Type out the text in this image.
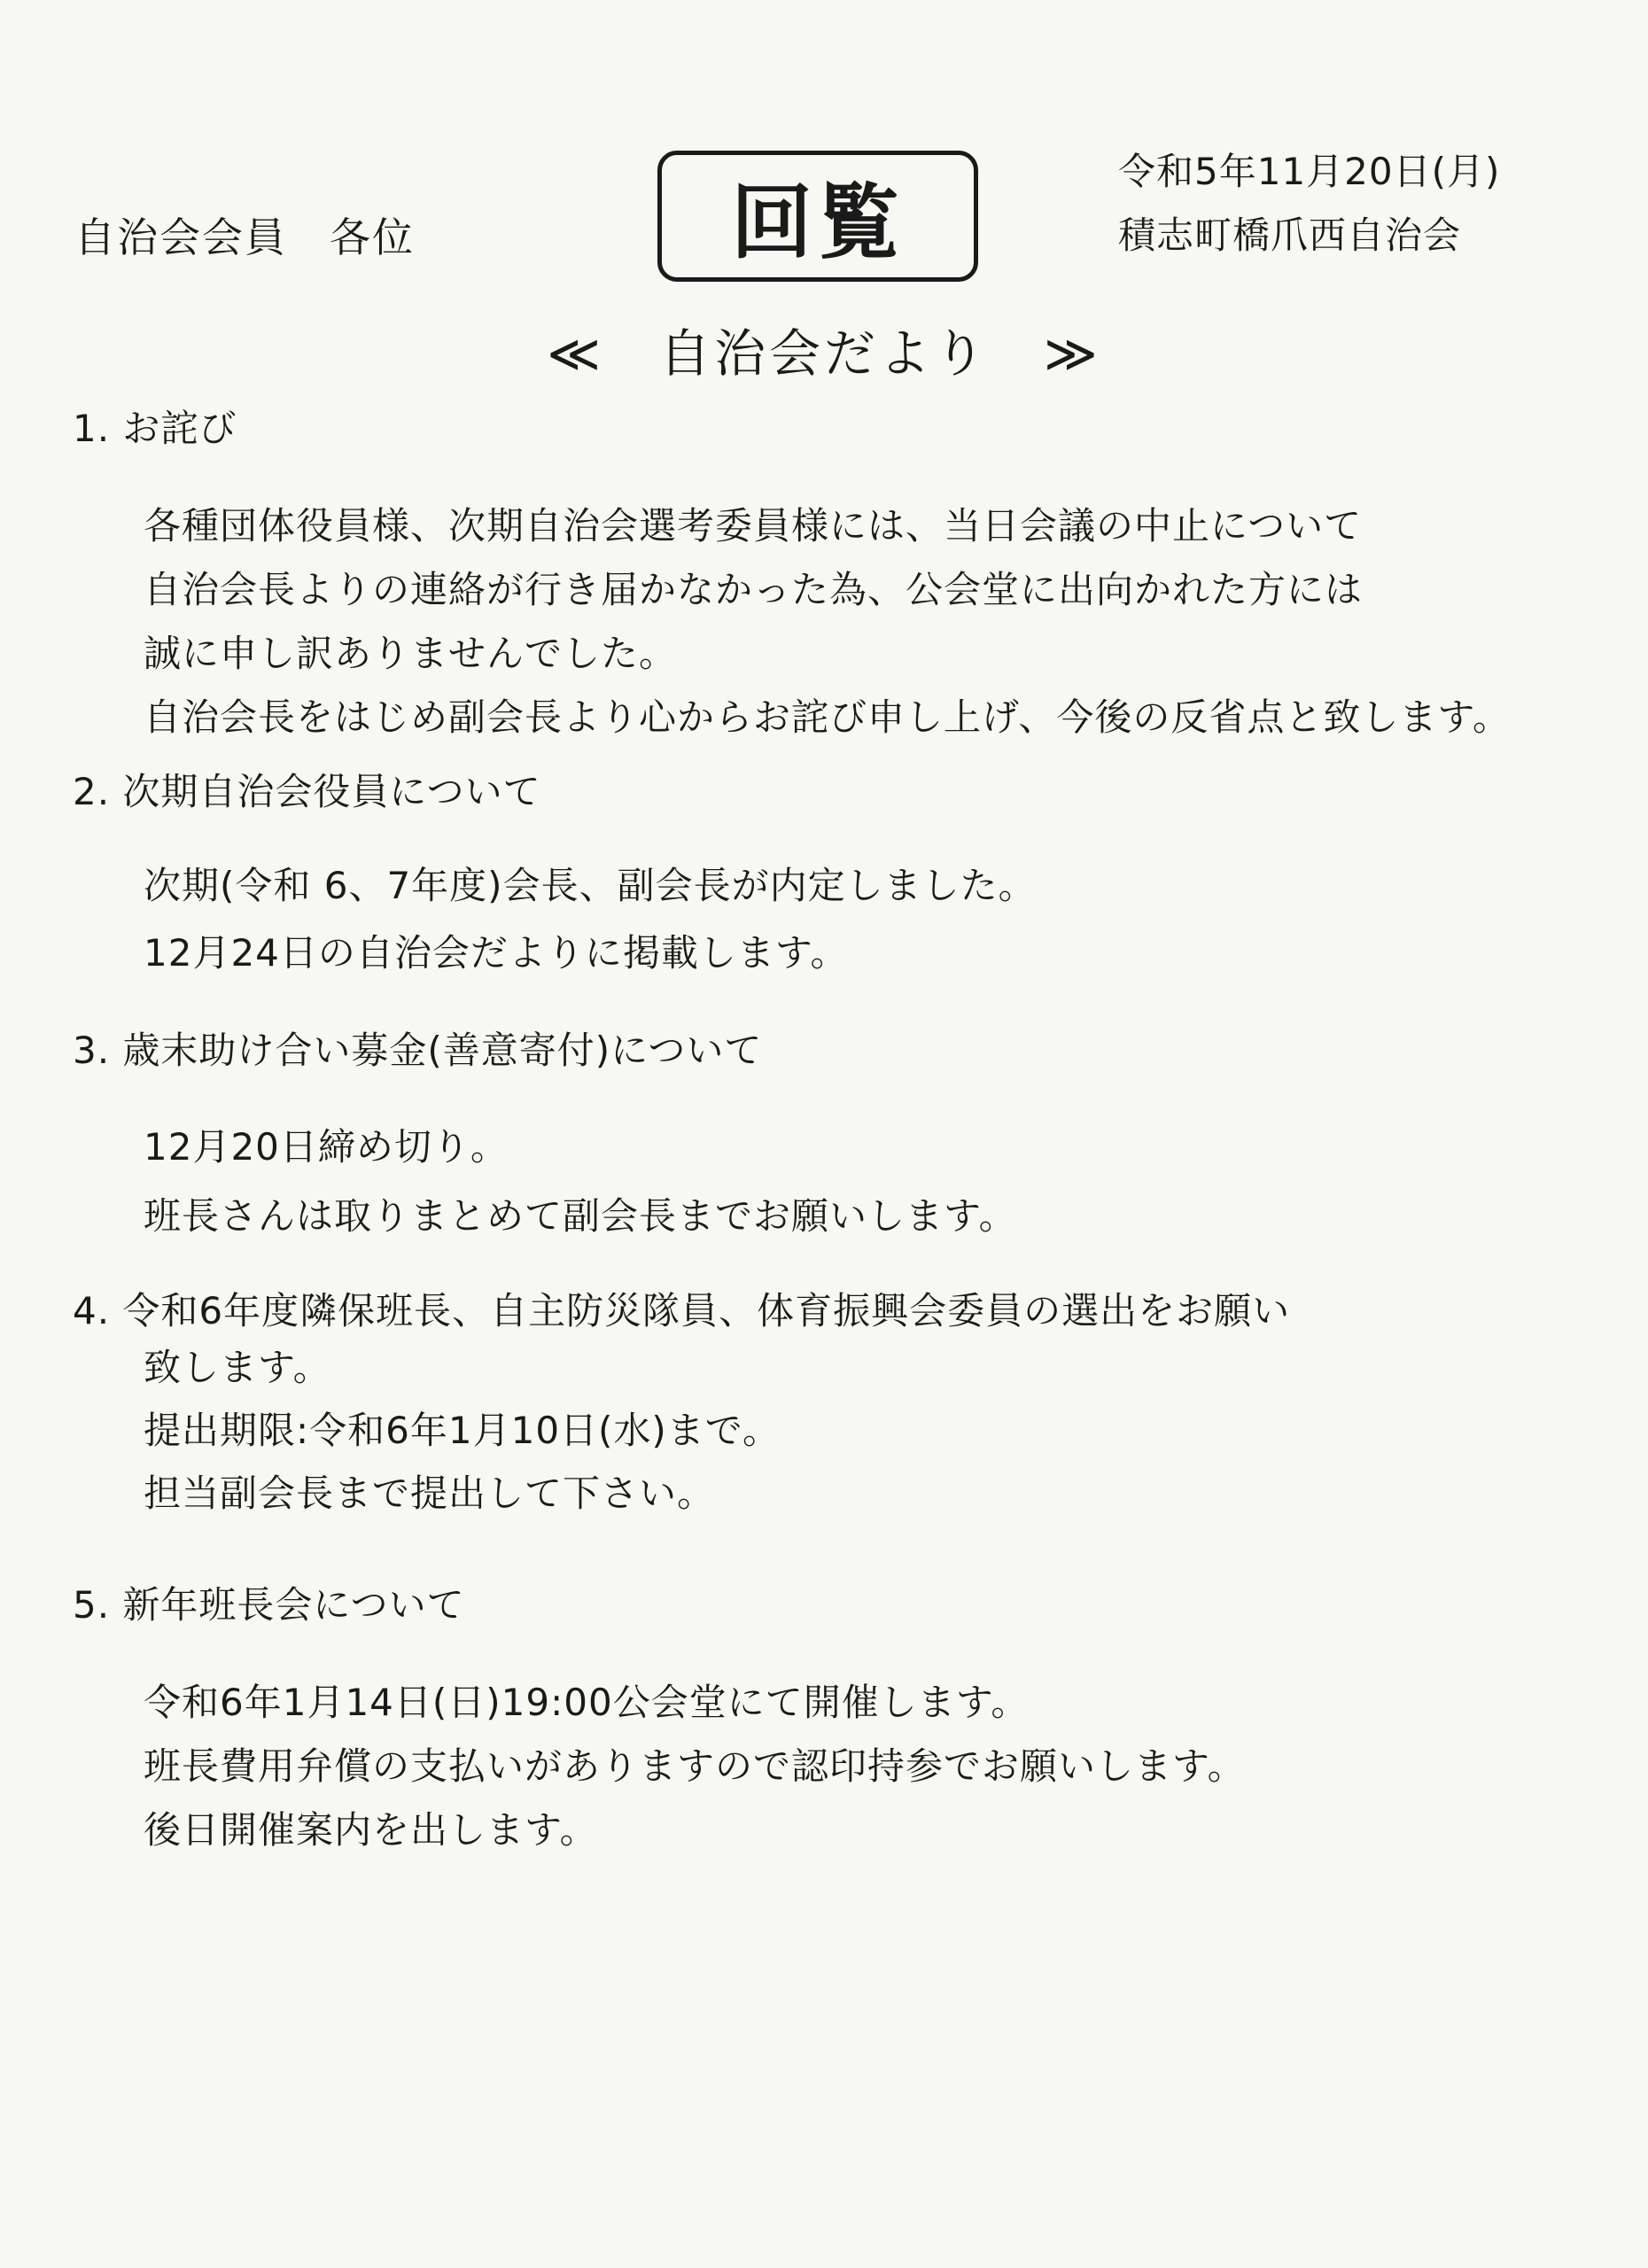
自治会会員　各位	回覧
令和5年11月20日(月)
積志町橋爪西自治会
≪　自治会だより　≫
1. お詫び
各種団体役員様、次期自治会選考委員様には、当日会議の中止について
自治会長よりの連絡が行き届かなかった為、公会堂に出向かれた方には
誠に申し訳ありませんでした。
自治会長をはじめ副会長より心からお詫び申し上げ、今後の反省点と致します。
2. 次期自治会役員について
次期(令和 6、7年度)会長、副会長が内定しました。
12月24日の自治会だよりに掲載します。
3. 歳末助け合い募金(善意寄付)について
12月20日締め切り。
班長さんは取りまとめて副会長までお願いします。
4. 令和6年度隣保班長、自主防災隊員、体育振興会委員の選出をお願い
致します。
提出期限:令和6年1月10日(水)まで。
担当副会長まで提出して下さい。
5. 新年班長会について
令和6年1月14日(日)19:00公会堂にて開催します。
班長費用弁償の支払いがありますので認印持参でお願いします。
後日開催案内を出します。
